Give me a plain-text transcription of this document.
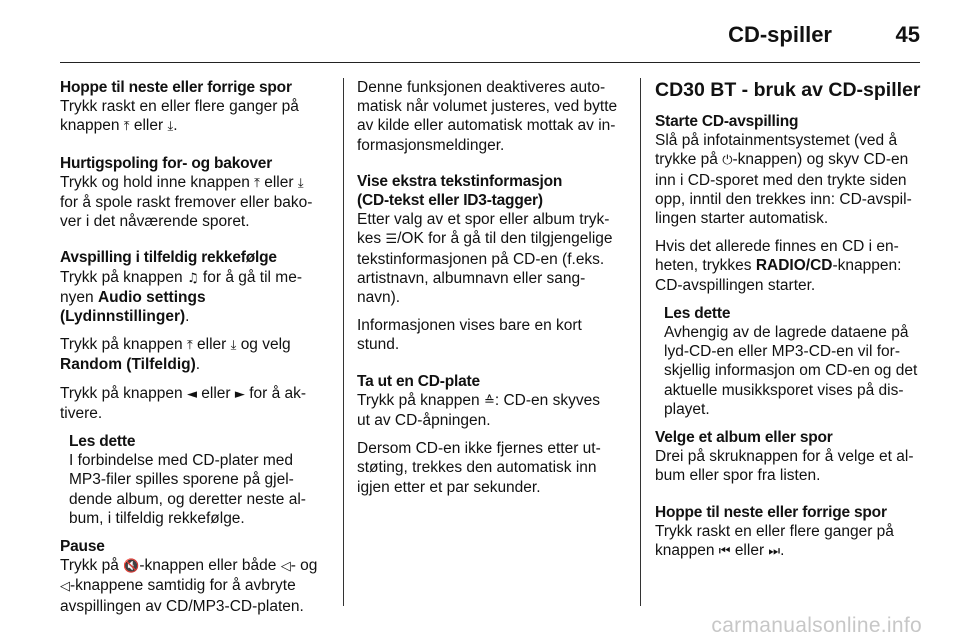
CD-spiller	45

Hoppe til neste eller forrige spor

Trykk raskt en eller flere ganger på
knappen ⤒ eller ⤓.

Hurtigspoling for- og bakover

Trykk og hold inne knappen ⤒ eller ⤓
for å spole raskt fremover eller bako-
ver i det nåværende sporet.

Avspilling i tilfeldig rekkefølge

Trykk på knappen ♫ for å gå til me-
nyen Audio settings (Lydinnstillinger).

Trykk på knappen ⤒ eller ⤓ og velg
Random (Tilfeldig).

Trykk på knappen ◄ eller ► for å ak-
tivere.

Les dette

I forbindelse med CD-plater med
MP3-filer spilles sporene på gjel-
dende album, og deretter neste al-
bum, i tilfeldig rekkefølge.

Pause

Trykk på 🔇-knappen eller både ◁- og
◁-knappene samtidig for å avbryte
avspillingen av CD/MP3-CD-platen.

Denne funksjonen deaktiveres auto-
matisk når volumet justeres, ved bytte
av kilde eller automatisk mottak av in-
formasjonsmeldinger.

Vise ekstra tekstinformasjon
(CD-tekst eller ID3-tagger)

Etter valg av et spor eller album tryk-
kes ☰/OK for å gå til den tilgjengelige
tekstinformasjonen på CD-en (f.eks.
artistnavn, albumnavn eller sang-
navn).

Informasjonen vises bare en kort
stund.

Ta ut en CD-plate

Trykk på knappen ≙: CD-en skyves
ut av CD-åpningen.

Dersom CD-en ikke fjernes etter ut-
støting, trekkes den automatisk inn
igjen etter et par sekunder.

CD30 BT - bruk av CD-spiller

Starte CD-avspilling

Slå på infotainmentsystemet (ved å
trykke på ⏻-knappen) og skyv CD-en
inn i CD-sporet med den trykte siden
opp, inntil den trekkes inn: CD-avspil-
lingen starter automatisk.

Hvis det allerede finnes en CD i en-
heten, trykkes RADIO/CD-knappen:
CD-avspillingen starter.

Les dette

Avhengig av de lagrede dataene på
lyd-CD-en eller MP3-CD-en vil for-
skjellig informasjon om CD-en og det
aktuelle musikksporet vises på dis-
playet.

Velge et album eller spor

Drei på skruknappen for å velge et al-
bum eller spor fra listen.

Hoppe til neste eller forrige spor

Trykk raskt en eller flere ganger på
knappen ⏮ eller ⏭.

carmanualsonline.info
